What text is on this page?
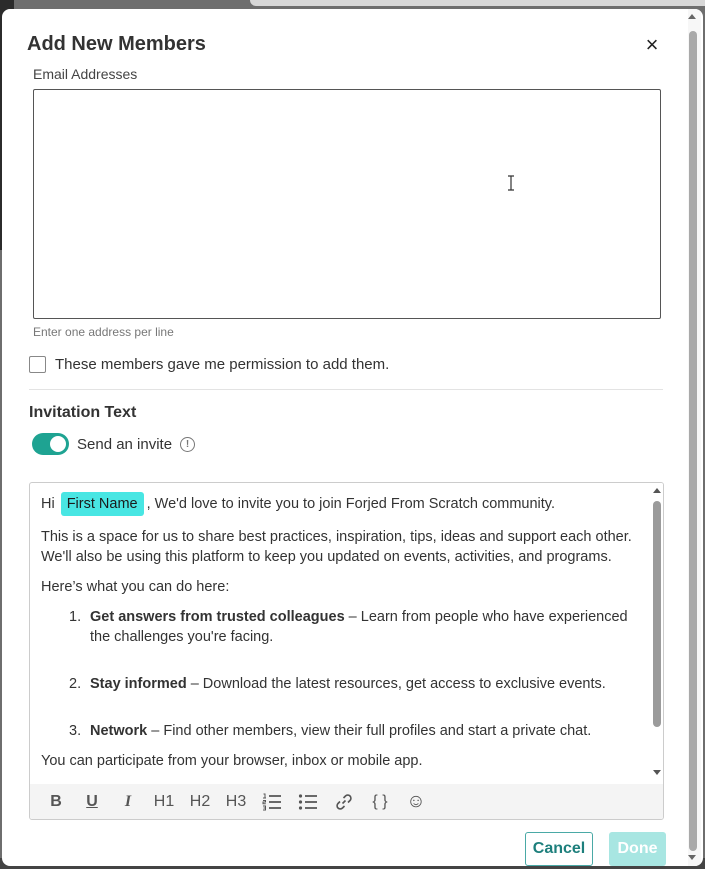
Add New Members	×
Email Addresses
Enter one address per line
These members gave me permission to add them.
Invitation Text
Send an invite	!
Hi First Name , We'd love to invite you to join Forjed From Scratch community.

This is a space for us to share best practices, inspiration, tips, ideas and support each other. We'll also be using this platform to keep you updated on events, activities, and programs.

Here’s what you can do here:

1. Get answers from trusted colleagues – Learn from people who have experienced the challenges you're facing.
2. Stay informed – Download the latest resources, get access to exclusive events.
3. Network – Find other members, view their full profiles and start a private chat.

You can participate from your browser, inbox or mobile app.

B	U	I	H1 H2 H3	{ } ☺
Cancel	Done
